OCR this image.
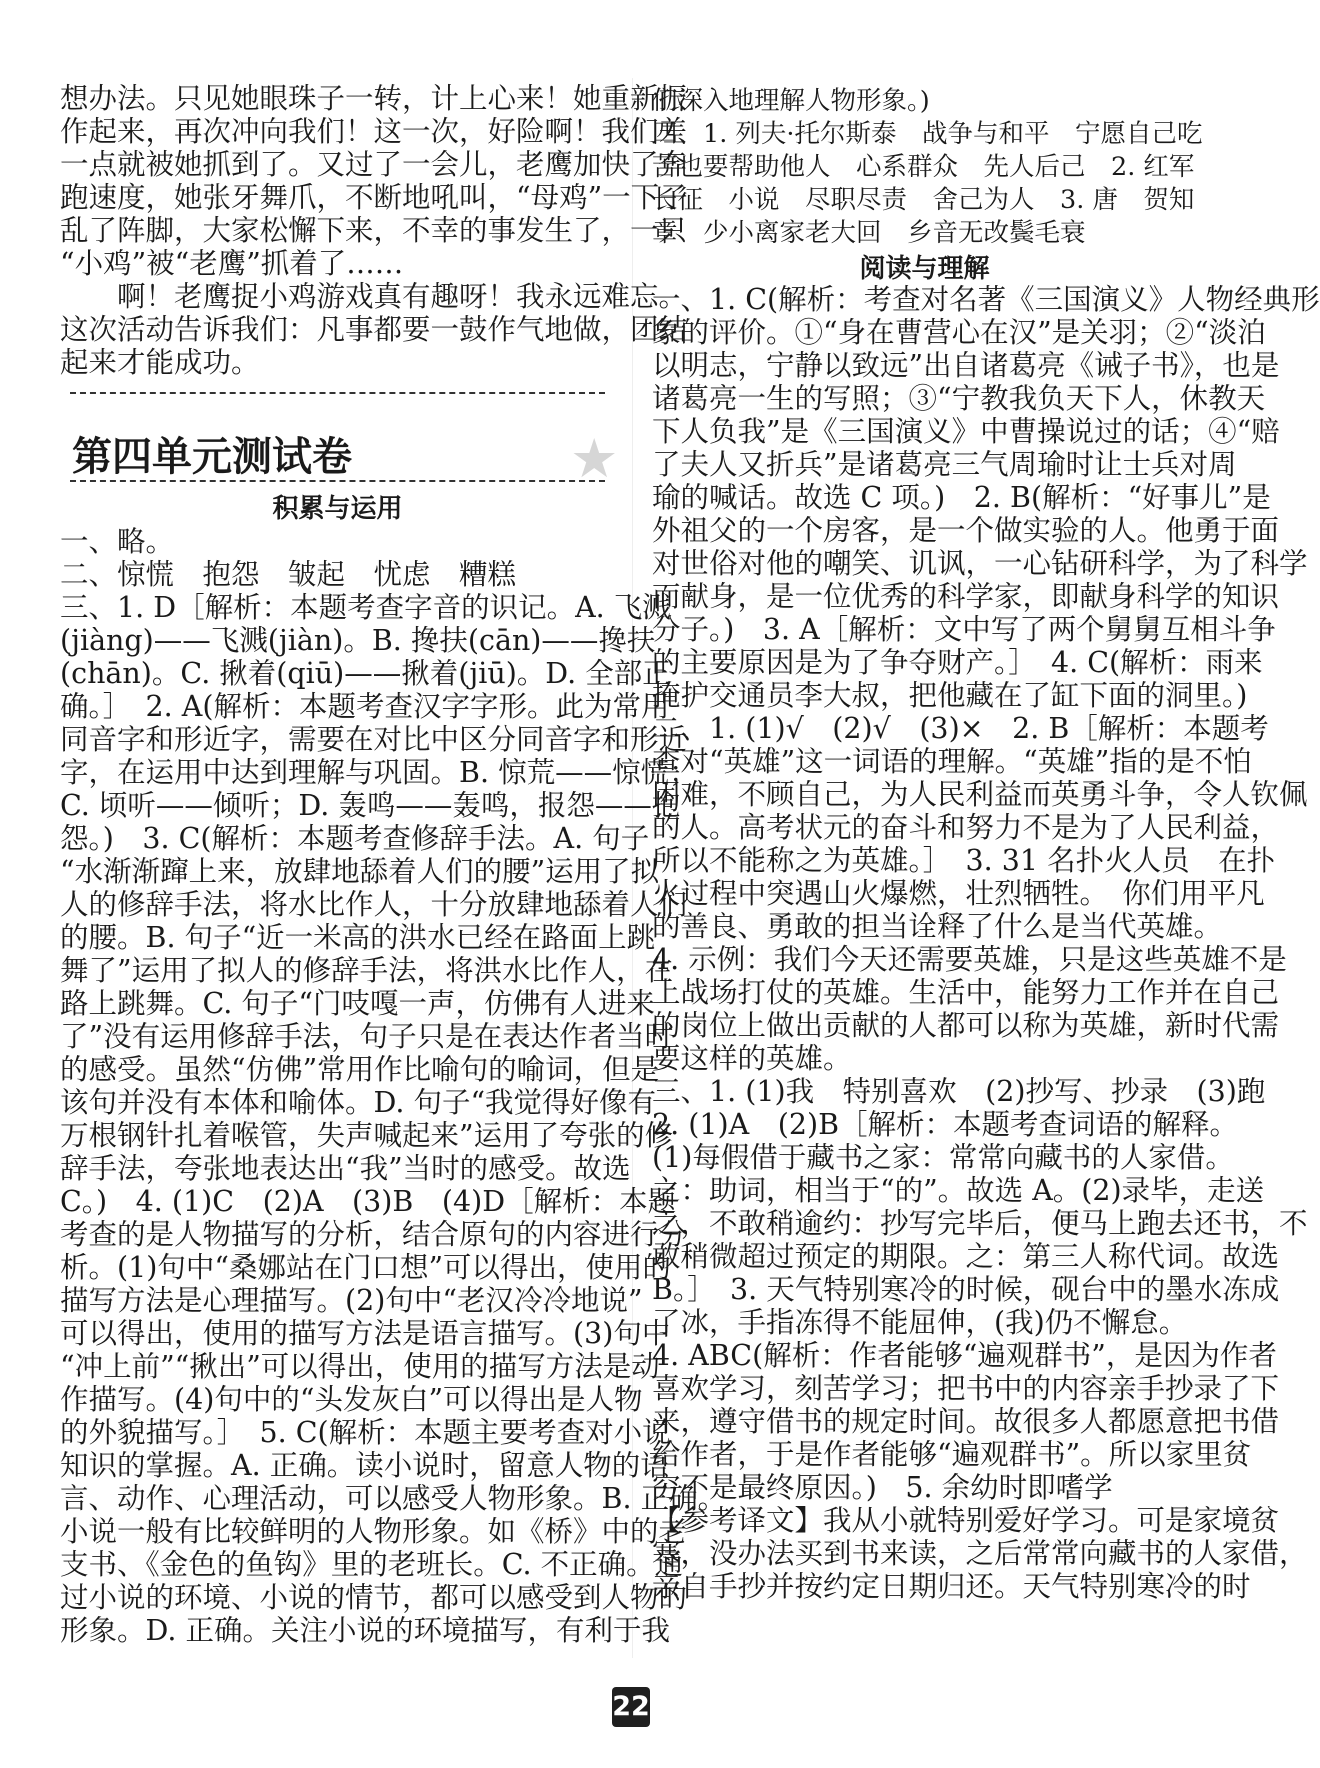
想办法。只见她眼珠子一转，计上心来！她重新振
作起来，再次冲向我们！这一次，好险啊！我们差
一点就被她抓到了。又过了一会儿，老鹰加快了奔
跑速度，她张牙舞爪，不断地吼叫，“母鸡”一下子
乱了阵脚，大家松懈下来，不幸的事发生了，一只
“小鸡”被“老鹰”抓着了……
　　啊！老鹰捉小鸡游戏真有趣呀！我永远难忘。
这次活动告诉我们：凡事都要一鼓作气地做，团结
起来才能成功。
第四单元测试卷	★
积累与运用
一、略。
二、惊慌　抱怨　皱起　忧虑　糟糕
三、1. D［解析：本题考查字音的识记。A. 飞溅
(jiàng)——飞溅(jiàn)。B. 搀扶(cān)——搀扶
(chān)。C. 揪着(qiū)——揪着(jiū)。D. 全部正
确。］　2. A(解析：本题考查汉字字形。此为常用
同音字和形近字，需要在对比中区分同音字和形近
字，在运用中达到理解与巩固。B. 惊荒——惊慌；
C. 顷听——倾听；D. 轰鸣——轰鸣，报怨——抱
怨。)　3. C(解析：本题考查修辞手法。A. 句子
“水渐渐蹿上来，放肆地舔着人们的腰”运用了拟
人的修辞手法，将水比作人，十分放肆地舔着人们
的腰。B. 句子“近一米高的洪水已经在路面上跳
舞了”运用了拟人的修辞手法，将洪水比作人，在
路上跳舞。C. 句子“门吱嘎一声，仿佛有人进来
了”没有运用修辞手法，句子只是在表达作者当时
的感受。虽然“仿佛”常用作比喻句的喻词，但是
该句并没有本体和喻体。D. 句子“我觉得好像有
万根钢针扎着喉管，失声喊起来”运用了夸张的修
辞手法，夸张地表达出“我”当时的感受。故选
C。)　4. (1)C　(2)A　(3)B　(4)D［解析：本题
考查的是人物描写的分析，结合原句的内容进行分
析。(1)句中“桑娜站在门口想”可以得出，使用的
描写方法是心理描写。(2)句中“老汉冷冷地说”
可以得出，使用的描写方法是语言描写。(3)句中
“冲上前”“揪出”可以得出，使用的描写方法是动
作描写。(4)句中的“头发灰白”可以得出是人物
的外貌描写。］　5. C(解析：本题主要考查对小说
知识的掌握。A. 正确。读小说时，留意人物的语
言、动作、心理活动，可以感受人物形象。B. 正确。
小说一般有比较鲜明的人物形象。如《桥》中的老
支书、《金色的鱼钩》里的老班长。C. 不正确。通
过小说的环境、小说的情节，都可以感受到人物的
形象。D. 正确。关注小说的环境描写，有利于我
们深入地理解人物形象。)
四、1. 列夫·托尔斯泰　战争与和平　宁愿自己吃
苦也要帮助他人　心系群众　先人后己　2. 红军
长征　小说　尽职尽责　舍己为人　3. 唐　贺知
章　少小离家老大回　乡音无改鬓毛衰
阅读与理解
一、1. C(解析：考查对名著《三国演义》人物经典形
象的评价。①“身在曹营心在汉”是关羽；②“淡泊
以明志，宁静以致远”出自诸葛亮《诫子书》，也是
诸葛亮一生的写照；③“宁教我负天下人，休教天
下人负我”是《三国演义》中曹操说过的话；④“赔
了夫人又折兵”是诸葛亮三气周瑜时让士兵对周
瑜的喊话。故选 C 项。)　2. B(解析：“好事儿”是
外祖父的一个房客，是一个做实验的人。他勇于面
对世俗对他的嘲笑、讥讽，一心钻研科学，为了科学
而献身，是一位优秀的科学家，即献身科学的知识
分子。)　3. A［解析：文中写了两个舅舅互相斗争
的主要原因是为了争夺财产。］　4. C(解析：雨来
掩护交通员李大叔，把他藏在了缸下面的洞里。)
二、1. (1)√　(2)√　(3)×　2. B［解析：本题考
查对“英雄”这一词语的理解。“英雄”指的是不怕
困难，不顾自己，为人民利益而英勇斗争，令人钦佩
的人。高考状元的奋斗和努力不是为了人民利益，
所以不能称之为英雄。］　3. 31 名扑火人员　在扑
火过程中突遇山火爆燃，壮烈牺牲。　你们用平凡
的善良、勇敢的担当诠释了什么是当代英雄。
4. 示例：我们今天还需要英雄，只是这些英雄不是
上战场打仗的英雄。生活中，能努力工作并在自己
的岗位上做出贡献的人都可以称为英雄，新时代需
要这样的英雄。
三、1. (1)我　特别喜欢　(2)抄写、抄录　(3)跑
2. (1)A　(2)B［解析：本题考查词语的解释。
(1)每假借于藏书之家：常常向藏书的人家借。
之：助词，相当于“的”。故选 A。(2)录毕，走送
之，不敢稍逾约：抄写完毕后，便马上跑去还书，不
敢稍微超过预定的期限。之：第三人称代词。故选
B。］　3. 天气特别寒冷的时候，砚台中的墨水冻成
了冰，手指冻得不能屈伸，(我)仍不懈怠。
4. ABC(解析：作者能够“遍观群书”，是因为作者
喜欢学习，刻苦学习；把书中的内容亲手抄录了下
来，遵守借书的规定时间。故很多人都愿意把书借
给作者，于是作者能够“遍观群书”。所以家里贫
穷不是最终原因。)　5. 余幼时即嗜学
【参考译文】我从小就特别爱好学习。可是家境贫
寒，没办法买到书来读，之后常常向藏书的人家借，
亲自手抄并按约定日期归还。天气特别寒冷的时
22
